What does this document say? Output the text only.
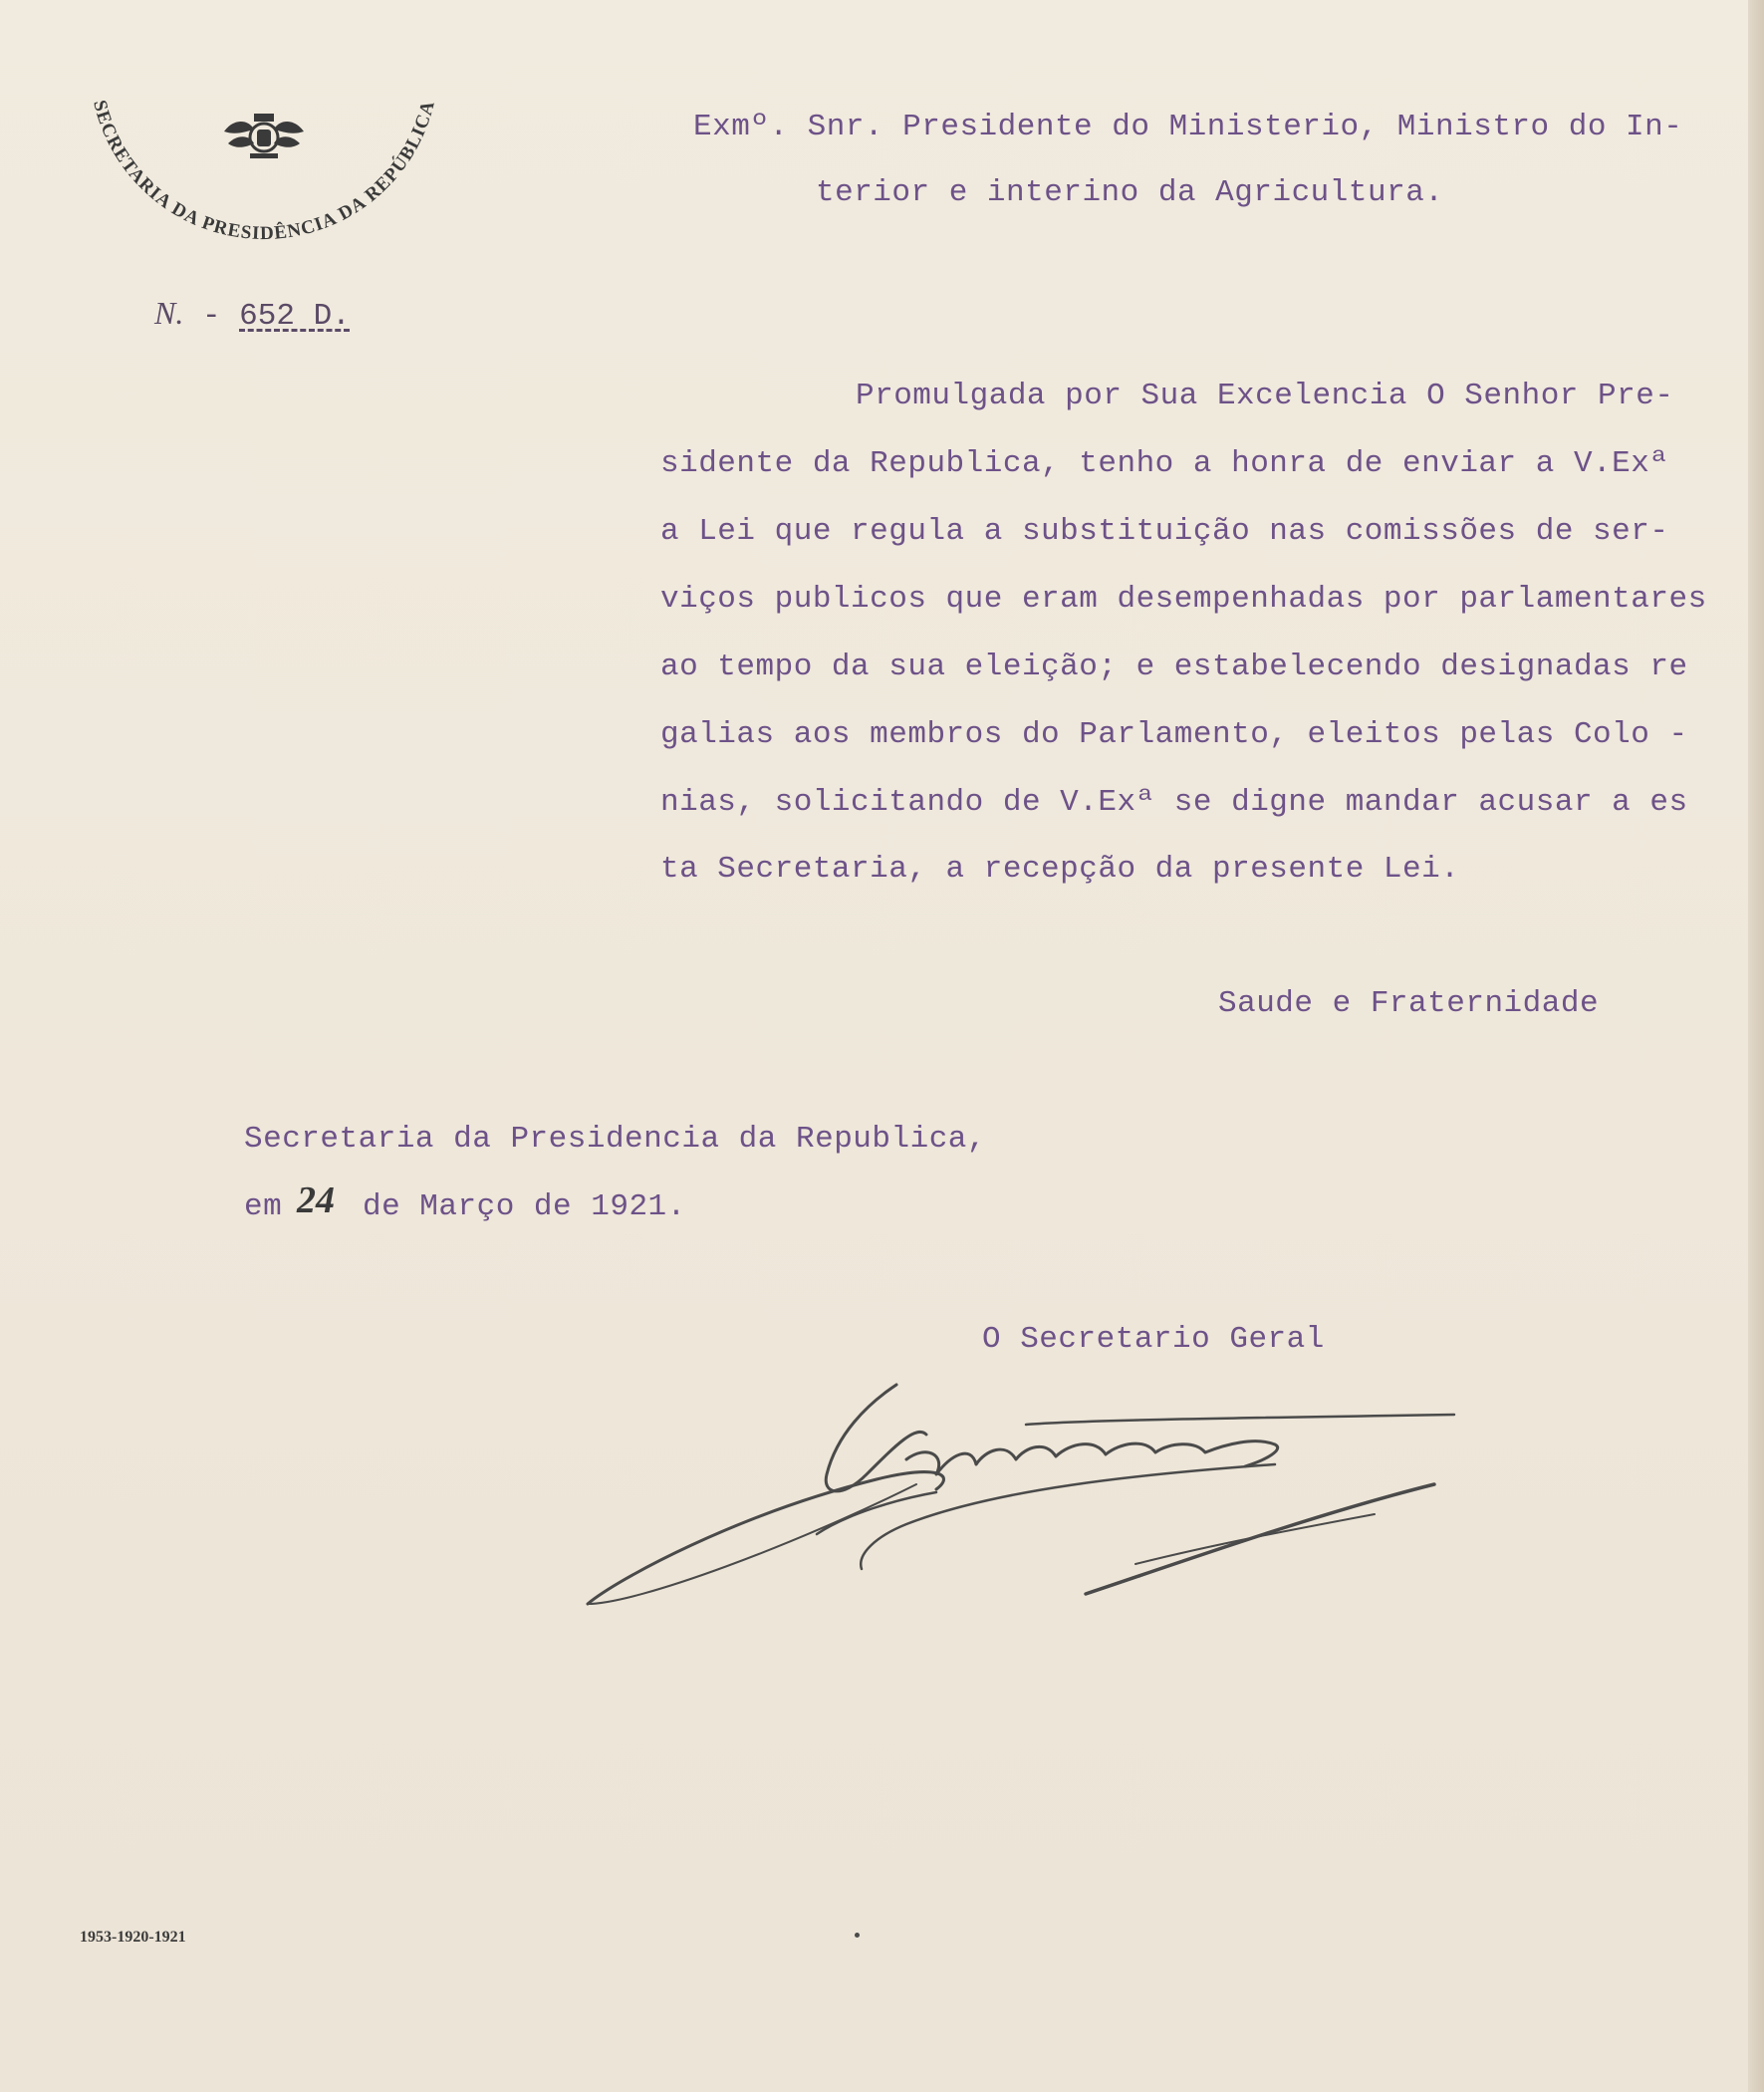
SECRETARIA DA PRESIDÊNCIA DA REPÚBLICA
N. - 652 D.
Exmº. Snr. Presidente do Ministerio, Ministro do In-
terior e interino da Agricultura.
Promulgada por Sua Excelencia O Senhor Pre-
sidente da Republica, tenho a honra de enviar a V.Exª
a Lei que regula a substituição nas comissões de ser-
viços publicos que eram desempenhadas por parlamentares
ao tempo da sua eleição; e estabelecendo designadas re
galias aos membros do Parlamento, eleitos pelas Colo -
nias, solicitando de V.Exª se digne mandar acusar a es
ta Secretaria, a recepção da presente Lei.
Saude e Fraternidade
Secretaria da Presidencia da Republica,
em 24 de Março de 1921.
O Secretario Geral
1953-1920-1921
